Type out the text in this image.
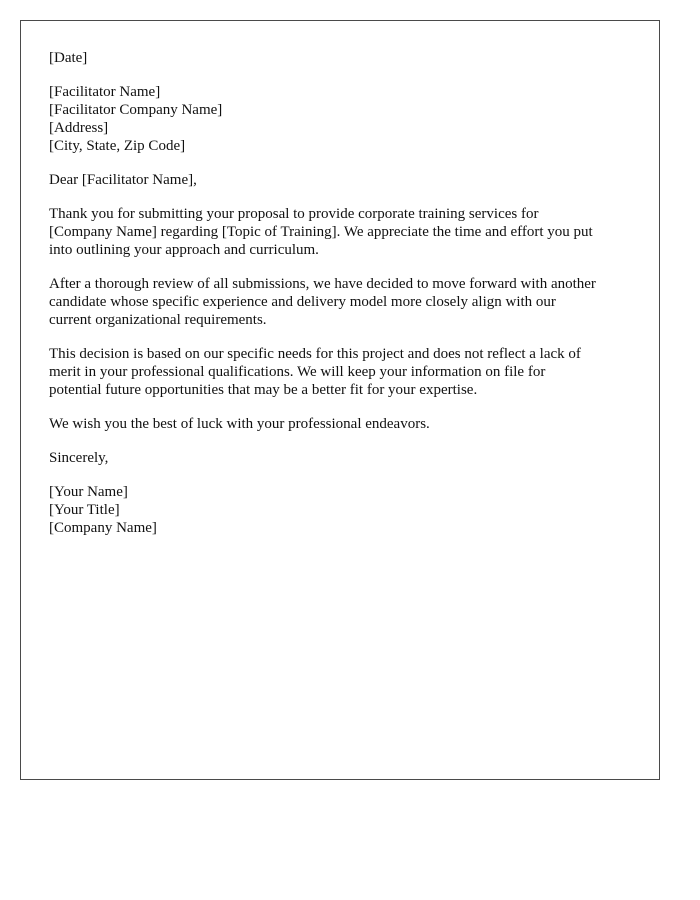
[Date]
[Facilitator Name]
[Facilitator Company Name]
[Address]
[City, State, Zip Code]
Dear [Facilitator Name],

Thank you for submitting your proposal to provide corporate training services for
[Company Name] regarding [Topic of Training]. We appreciate the time and effort you put
into outlining your approach and curriculum.

After a thorough review of all submissions, we have decided to move forward with another
candidate whose specific experience and delivery model more closely align with our
current organizational requirements.

This decision is based on our specific needs for this project and does not reflect a lack of
merit in your professional qualifications. We will keep your information on file for
potential future opportunities that may be a better fit for your expertise.

We wish you the best of luck with your professional endeavors.

Sincerely,
[Your Name]
[Your Title]
[Company Name]
